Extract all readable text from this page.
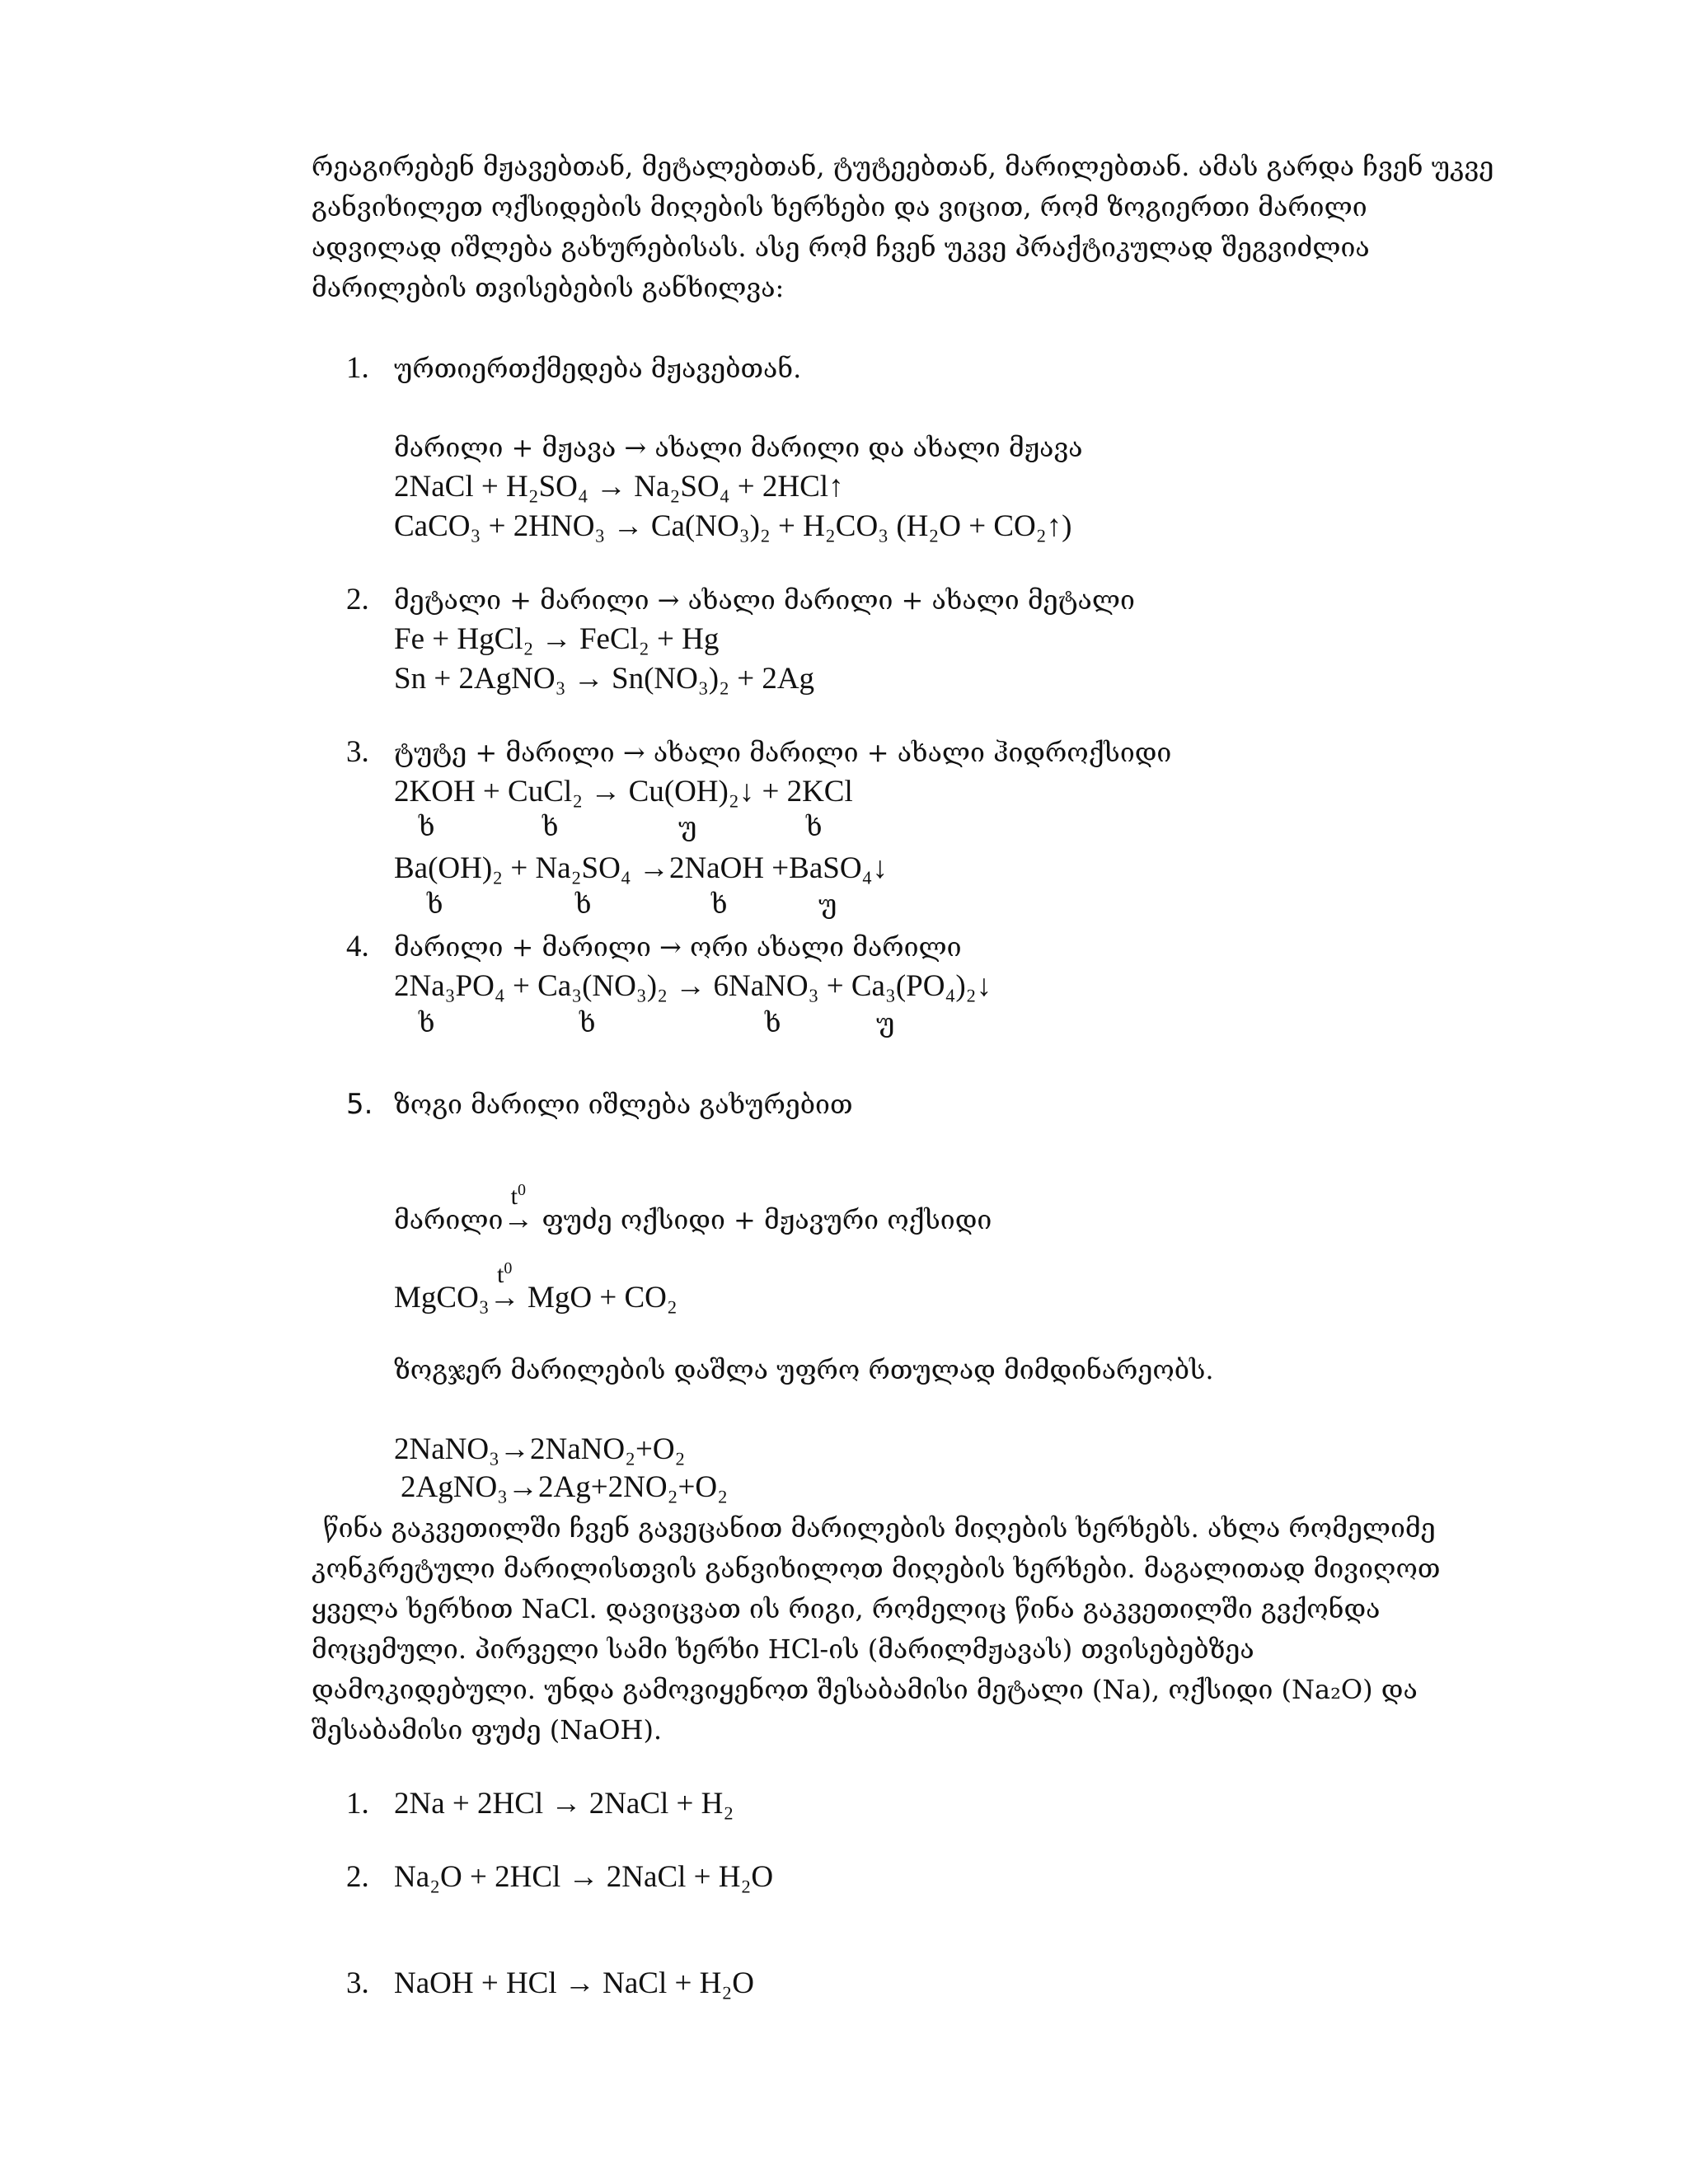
რეაგირებენ მჟავებთან, მეტალებთან, ტუტეებთან, მარილებთან. ამას გარდა ჩვენ უკვე
განვიხილეთ ოქსიდების მიღების ხერხები და ვიცით, რომ ზოგიერთი მარილი
ადვილად იშლება გახურებისას. ასე რომ ჩვენ უკვე პრაქტიკულად შეგვიძლია
მარილების თვისებების განხილვა:
1. ურთიერთქმედება მჟავებთან.
მარილი + მჟავა → ახალი მარილი და ახალი მჟავა
2NaCl + H₂SO₄ → Na₂SO₄ + 2HCl↑
CaCO₃ + 2HNO₃ → Ca(NO₃)₂ + H₂CO₃ (H₂O + CO₂↑)
2. მეტალი + მარილი → ახალი მარილი + ახალი მეტალი
Fe + HgCl₂ → FeCl₂ + Hg
Sn + 2AgNO₃ → Sn(NO₃)₂ + 2Ag
3. ტუტე + მარილი → ახალი მარილი + ახალი ჰიდროქსიდი
2KOH + CuCl₂ → Cu(OH)₂↓ + 2KCl
ხ	ხ	უ	ხ
Ba(OH)₂ + Na₂SO₄ →2NaOH +BaSO₄↓
ხ	ხ	ხ	უ
4. მარილი + მარილი → ორი ახალი მარილი
2Na₃PO₄ + Ca₃(NO₃)₂ → 6NaNO₃ + Ca₃(PO₄)₂↓
ხ	ხ	ხ	უ
5. ზოგი მარილი იშლება გახურებით
მარილი
$t^0$
→ ფუძე ოქსიდი + მჟავური ოქსიდი
MgCO₃
$t^0$
→ MgO + CO₂
ზოგჯერ მარილების დაშლა უფრო რთულად მიმდინარეობს.
2NaNO₃→2NaNO₂+O₂
2AgNO₃→2Ag+2NO₂+O₂
წინა გაკვეთილში ჩვენ გავეცანით მარილების მიღების ხერხებს. ახლა რომელიმე
კონკრეტული მარილისთვის განვიხილოთ მიღების ხერხები. მაგალითად მივიღოთ
ყველა ხერხით NaCl. დავიცვათ ის რიგი, რომელიც წინა გაკვეთილში გვქონდა
მოცემული. პირველი სამი ხერხი HCl-ის (მარილმჟავას) თვისებებზეა
დამოკიდებული. უნდა გამოვიყენოთ შესაბამისი მეტალი (Na), ოქსიდი (Na₂O) და
შესაბამისი ფუძე (NaOH).
1. 2Na + 2HCl → 2NaCl + H₂
2. Na₂O + 2HCl → 2NaCl + H₂O
3. NaOH + HCl → NaCl + H₂O
